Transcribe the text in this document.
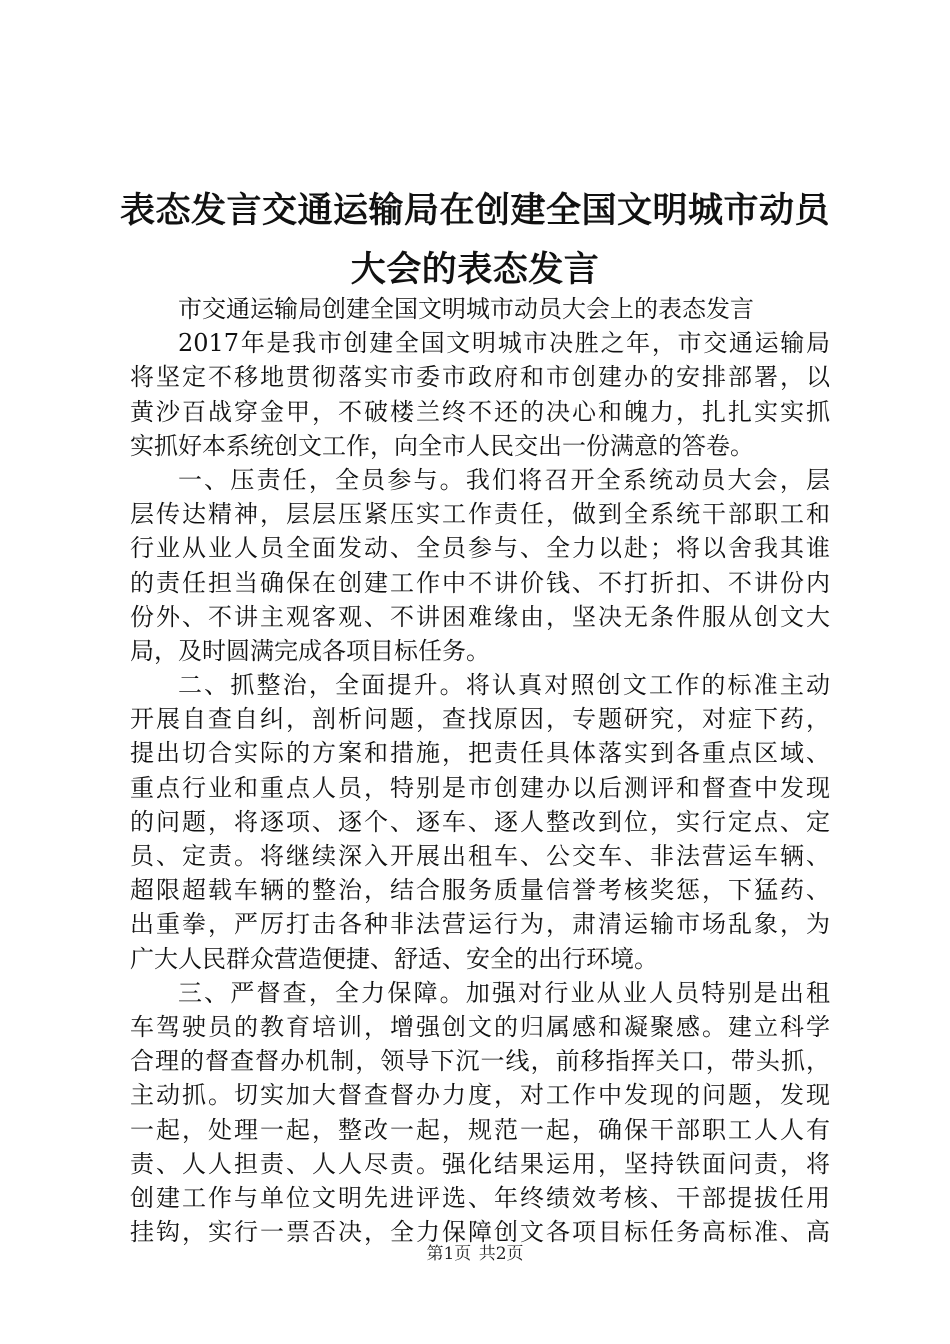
表态发言交通运输局在创建全国文明城市动员
大会的表态发言
市交通运输局创建全国文明城市动员大会上的表态发言
2017年是我市创建全国文明城市决胜之年，市交通运输局
将坚定不移地贯彻落实市委市政府和市创建办的安排部署，以
黄沙百战穿金甲，不破楼兰终不还的决心和魄力，扎扎实实抓
实抓好本系统创文工作，向全市人民交出一份满意的答卷。
一、压责任，全员参与。我们将召开全系统动员大会，层
层传达精神，层层压紧压实工作责任，做到全系统干部职工和
行业从业人员全面发动、全员参与、全力以赴；将以舍我其谁
的责任担当确保在创建工作中不讲价钱、不打折扣、不讲份内
份外、不讲主观客观、不讲困难缘由，坚决无条件服从创文大
局，及时圆满完成各项目标任务。
二、抓整治，全面提升。将认真对照创文工作的标准主动
开展自查自纠，剖析问题，查找原因，专题研究，对症下药，
提出切合实际的方案和措施，把责任具体落实到各重点区域、
重点行业和重点人员，特别是市创建办以后测评和督查中发现
的问题，将逐项、逐个、逐车、逐人整改到位，实行定点、定
员、定责。将继续深入开展出租车、公交车、非法营运车辆、
超限超载车辆的整治，结合服务质量信誉考核奖惩，下猛药、
出重拳，严厉打击各种非法营运行为，肃清运输市场乱象，为
广大人民群众营造便捷、舒适、安全的出行环境。
三、严督查，全力保障。加强对行业从业人员特别是出租
车驾驶员的教育培训，增强创文的归属感和凝聚感。建立科学
合理的督查督办机制，领导下沉一线，前移指挥关口，带头抓，
主动抓。切实加大督查督办力度，对工作中发现的问题，发现
一起，处理一起，整改一起，规范一起，确保干部职工人人有
责、人人担责、人人尽责。强化结果运用，坚持铁面问责，将
创建工作与单位文明先进评选、年终绩效考核、干部提拔任用
挂钩，实行一票否决，全力保障创文各项目标任务高标准、高
第1页 共2页
